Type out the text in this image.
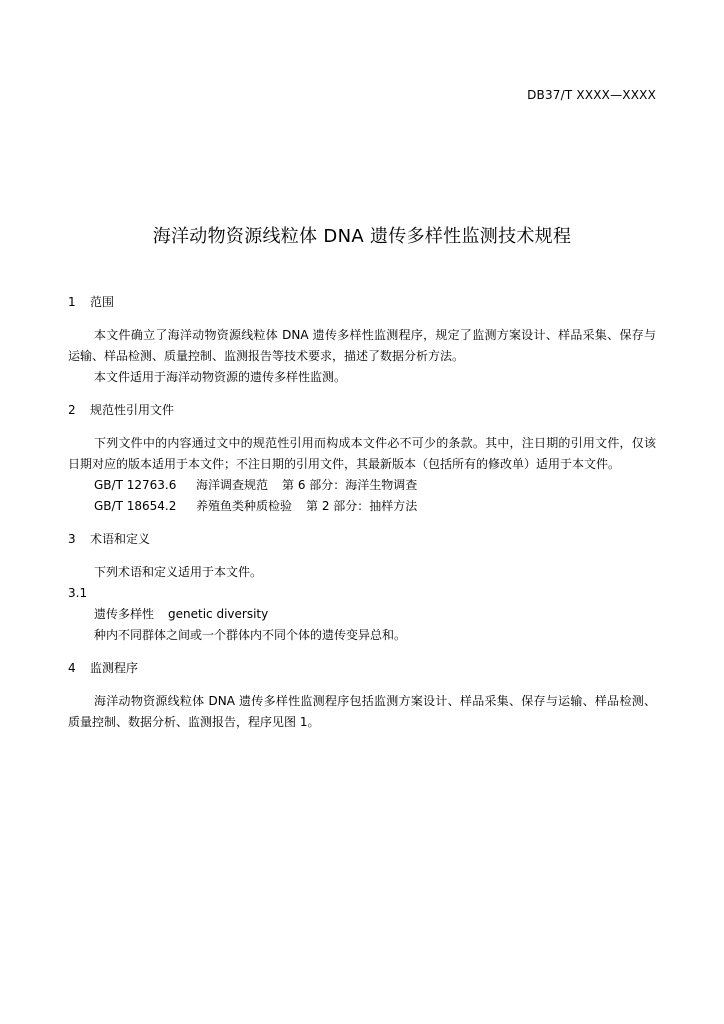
DB37/T XXXX—XXXX
海洋动物资源线粒体 DNA 遗传多样性监测技术规程
1 范围

本文件确立了海洋动物资源线粒体 DNA 遗传多样性监测程序，规定了监测方案设计、样品采集、保存与运输、样品检测、质量控制、监测报告等技术要求，描述了数据分析方法。

本文件适用于海洋动物资源的遗传多样性监测。

2 规范性引用文件

下列文件中的内容通过文中的规范性引用而构成本文件必不可少的条款。其中，注日期的引用文件，仅该日期对应的版本适用于本文件；不注日期的引用文件，其最新版本（包括所有的修改单）适用于本文件。

GB/T 12763.6 海洋调查规范 第 6 部分：海洋生物调查

GB/T 18654.2 养殖鱼类种质检验 第 2 部分：抽样方法

3 术语和定义

下列术语和定义适用于本文件。

3.1

遗传多样性 genetic diversity

种内不同群体之间或一个群体内不同个体的遗传变异总和。

4 监测程序

海洋动物资源线粒体 DNA 遗传多样性监测程序包括监测方案设计、样品采集、保存与运输、样品检测、质量控制、数据分析、监测报告，程序见图 1。
